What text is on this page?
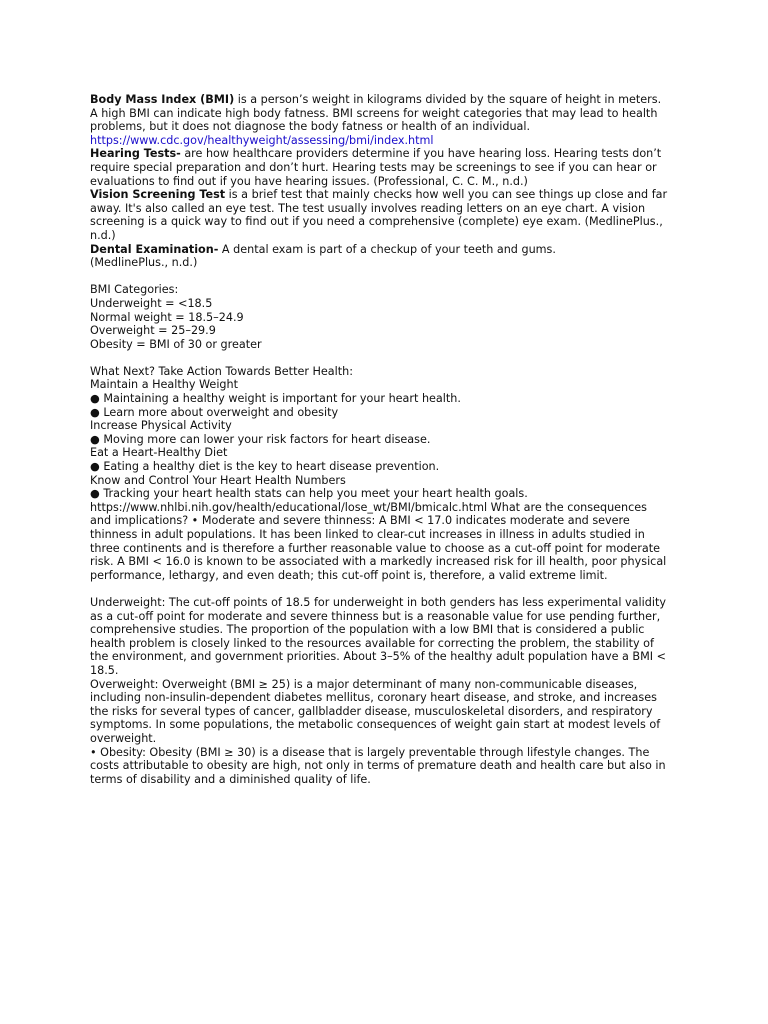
Body Mass Index (BMI) is a person’s weight in kilograms divided by the square of height in meters.
A high BMI can indicate high body fatness. BMI screens for weight categories that may lead to health
problems, but it does not diagnose the body fatness or health of an individual.
https://www.cdc.gov/healthyweight/assessing/bmi/index.html
Hearing Tests- are how healthcare providers determine if you have hearing loss. Hearing tests don’t
require special preparation and don’t hurt. Hearing tests may be screenings to see if you can hear or
evaluations to find out if you have hearing issues. (Professional, C. C. M., n.d.)
Vision Screening Test is a brief test that mainly checks how well you can see things up close and far
away. It's also called an eye test. The test usually involves reading letters on an eye chart. A vision
screening is a quick way to find out if you need a comprehensive (complete) eye exam. (MedlinePlus.,
n.d.)
Dental Examination- A dental exam is part of a checkup of your teeth and gums.
(MedlinePlus., n.d.)
BMI Categories:
Underweight = <18.5
Normal weight = 18.5–24.9
Overweight = 25–29.9
Obesity = BMI of 30 or greater
What Next? Take Action Towards Better Health:
Maintain a Healthy Weight
● Maintaining a healthy weight is important for your heart health.
● Learn more about overweight and obesity
Increase Physical Activity
● Moving more can lower your risk factors for heart disease.
Eat a Heart-Healthy Diet
● Eating a healthy diet is the key to heart disease prevention.
Know and Control Your Heart Health Numbers
● Tracking your heart health stats can help you meet your heart health goals.
https://www.nhlbi.nih.gov/health/educational/lose_wt/BMI/bmicalc.html What are the consequences
and implications? • Moderate and severe thinness: A BMI < 17.0 indicates moderate and severe
thinness in adult populations. It has been linked to clear-cut increases in illness in adults studied in
three continents and is therefore a further reasonable value to choose as a cut-off point for moderate
risk. A BMI < 16.0 is known to be associated with a markedly increased risk for ill health, poor physical
performance, lethargy, and even death; this cut-off point is, therefore, a valid extreme limit.
Underweight: The cut-off points of 18.5 for underweight in both genders has less experimental validity
as a cut-off point for moderate and severe thinness but is a reasonable value for use pending further,
comprehensive studies. The proportion of the population with a low BMI that is considered a public
health problem is closely linked to the resources available for correcting the problem, the stability of
the environment, and government priorities. About 3–5% of the healthy adult population have a BMI <
18.5.
Overweight: Overweight (BMI ≥ 25) is a major determinant of many non-communicable diseases,
including non-insulin-dependent diabetes mellitus, coronary heart disease, and stroke, and increases
the risks for several types of cancer, gallbladder disease, musculoskeletal disorders, and respiratory
symptoms. In some populations, the metabolic consequences of weight gain start at modest levels of
overweight.
• Obesity: Obesity (BMI ≥ 30) is a disease that is largely preventable through lifestyle changes. The
costs attributable to obesity are high, not only in terms of premature death and health care but also in
terms of disability and a diminished quality of life.
